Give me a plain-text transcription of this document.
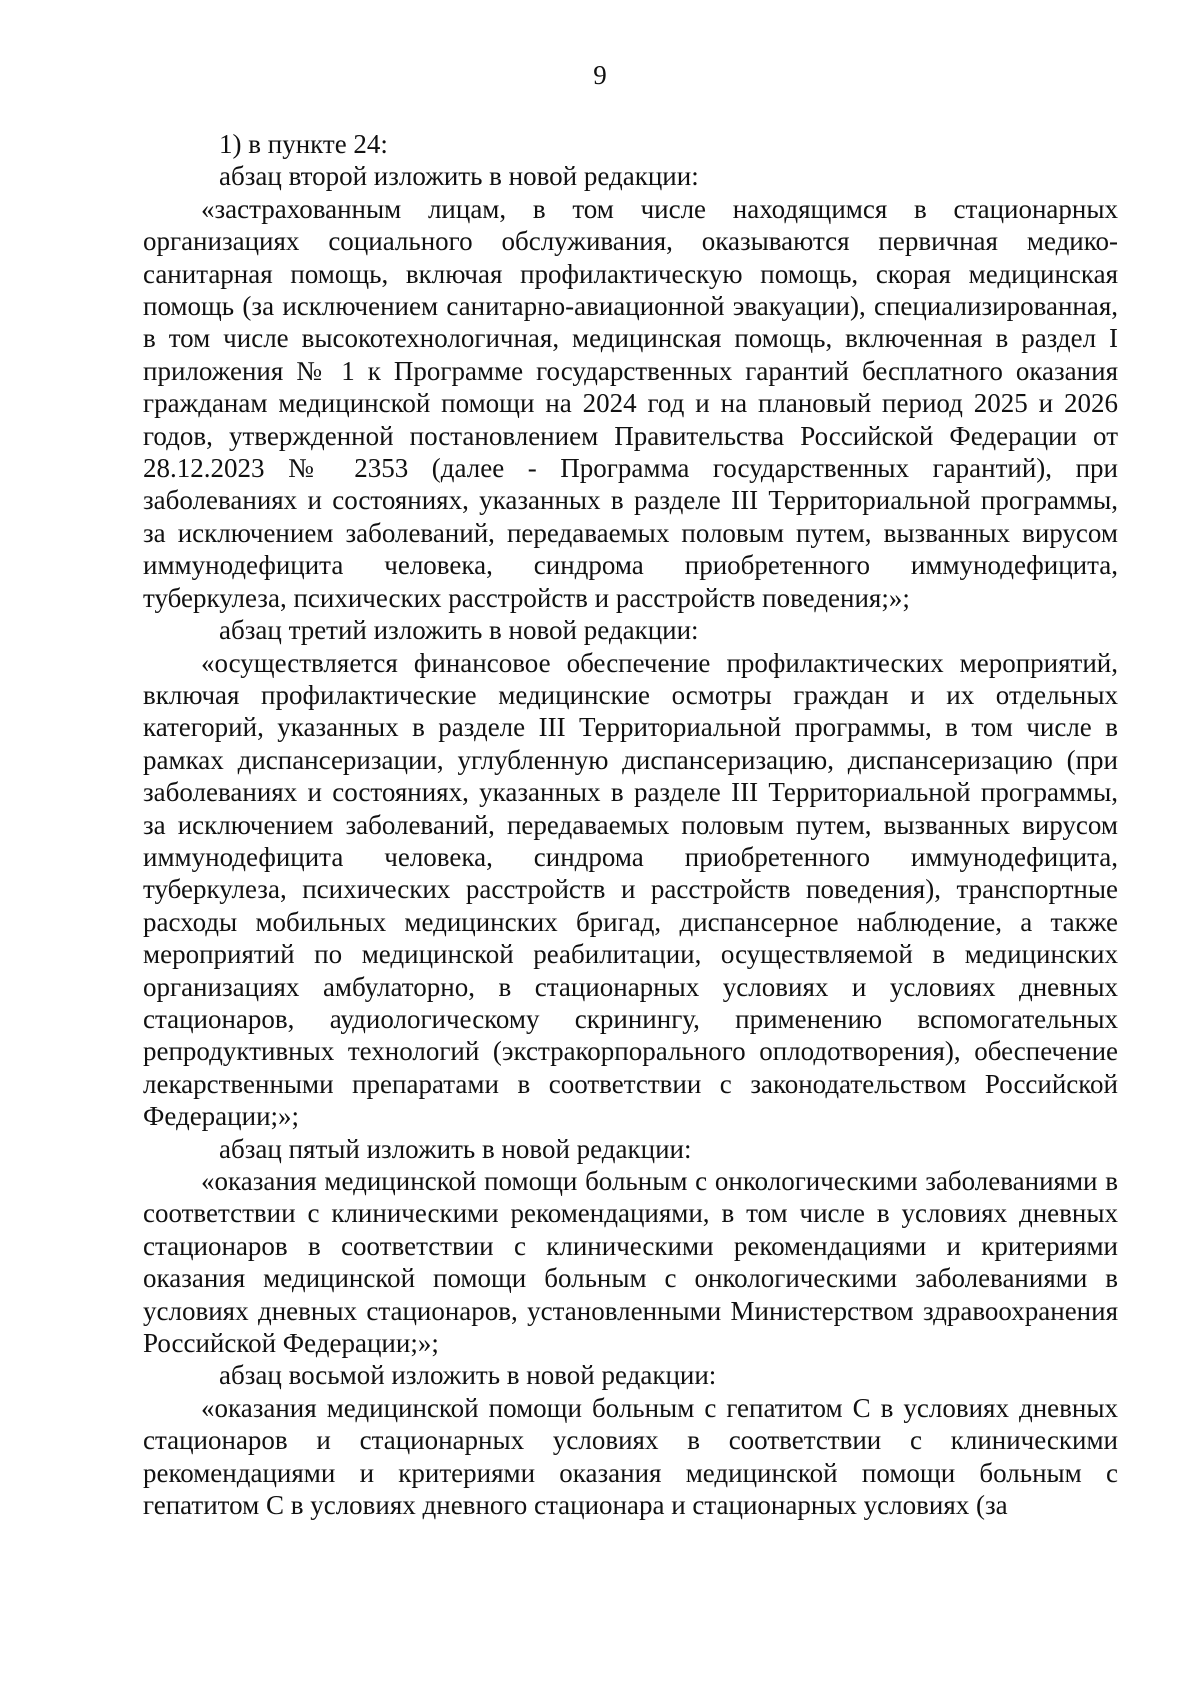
9

1) в пункте 24:

абзац второй изложить в новой редакции:

«застрахованным лицам, в том числе находящимся в стационарных организациях социального обслуживания, оказываются первичная медико-санитарная помощь, включая профилактическую помощь, скорая медицинская помощь (за исключением санитарно-авиационной эвакуации), специализированная, в том числе высокотехнологичная, медицинская помощь, включенная в раздел I приложения № 1 к Программе государственных гарантий бесплатного оказания гражданам медицинской помощи на 2024 год и на плановый период 2025 и 2026 годов, утвержденной постановлением Правительства Российской Федерации от 28.12.2023 № 2353 (далее - Программа государственных гарантий), при заболеваниях и состояниях, указанных в разделе III Территориальной программы, за исключением заболеваний, передаваемых половым путем, вызванных вирусом иммунодефицита человека, синдрома приобретенного иммунодефицита, туберкулеза, психических расстройств и расстройств поведения;»;

абзац третий изложить в новой редакции:

«осуществляется финансовое обеспечение профилактических мероприятий, включая профилактические медицинские осмотры граждан и их отдельных категорий, указанных в разделе III Территориальной программы, в том числе в рамках диспансеризации, углубленную диспансеризацию, диспансеризацию (при заболеваниях и состояниях, указанных в разделе III Территориальной программы, за исключением заболеваний, передаваемых половым путем, вызванных вирусом иммунодефицита человека, синдрома приобретенного иммунодефицита, туберкулеза, психических расстройств и расстройств поведения), транспортные расходы мобильных медицинских бригад, диспансерное наблюдение, а также мероприятий по медицинской реабилитации, осуществляемой в медицинских организациях амбулаторно, в стационарных условиях и условиях дневных стационаров, аудиологическому скринингу, применению вспомогательных репродуктивных технологий (экстракорпорального оплодотворения), обеспечение лекарственными препаратами в соответствии с законодательством Российской Федерации;»;

абзац пятый изложить в новой редакции:

«оказания медицинской помощи больным с онкологическими заболеваниями в соответствии с клиническими рекомендациями, в том числе в условиях дневных стационаров в соответствии с клиническими рекомендациями и критериями оказания медицинской помощи больным с онкологическими заболеваниями в условиях дневных стационаров, установленными Министерством здравоохранения Российской Федерации;»;

абзац восьмой изложить в новой редакции:

«оказания медицинской помощи больным с гепатитом С в условиях дневных стационаров и стационарных условиях в соответствии с клиническими рекомендациями и критериями оказания медицинской помощи больным с гепатитом С в условиях дневного стационара и стационарных условиях (за
